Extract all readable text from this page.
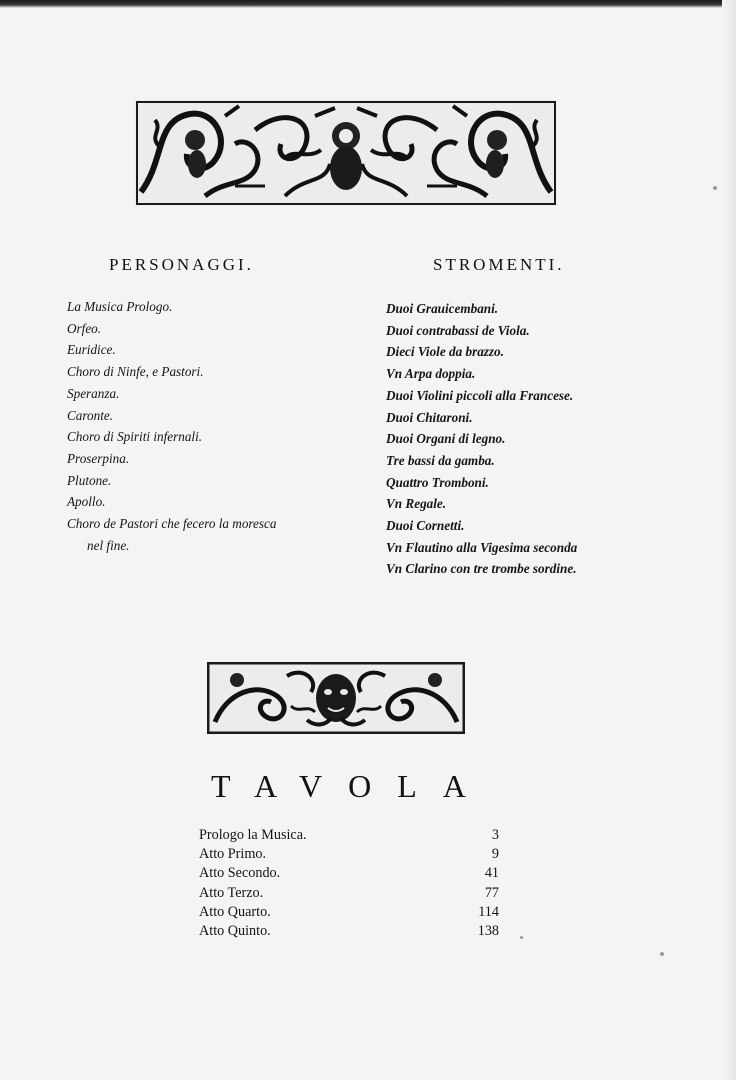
PERSONAGGI.	STROMENTI.
La Musica Prologo.
Orfeo.
Euridice.
Choro di Ninfe, e Pastori.
Speranza.
Caronte.
Choro di Spiriti infernali.
Proserpina.
Plutone.
Apollo.
Choro de Pastori che fecero la moresca
nel fine.
Duoi Grauicembani.
Duoi contrabassi de Viola.
Dieci Viole da brazzo.
Vn Arpa doppia.
Duoi Violini piccoli alla Francese.
Duoi Chitaroni.
Duoi Organi di legno.
Tre bassi da gamba.
Quattro Tromboni.
Vn Regale.
Duoi Cornetti.
Vn Flautino alla Vigesima seconda
Vn Clarino con tre trombe sordine.
TAVOLA
Prologo la Musica.	3
Atto Primo.	9
Atto Secondo.	41
Atto Terzo.	77
Atto Quarto.	114
Atto Quinto.	138
